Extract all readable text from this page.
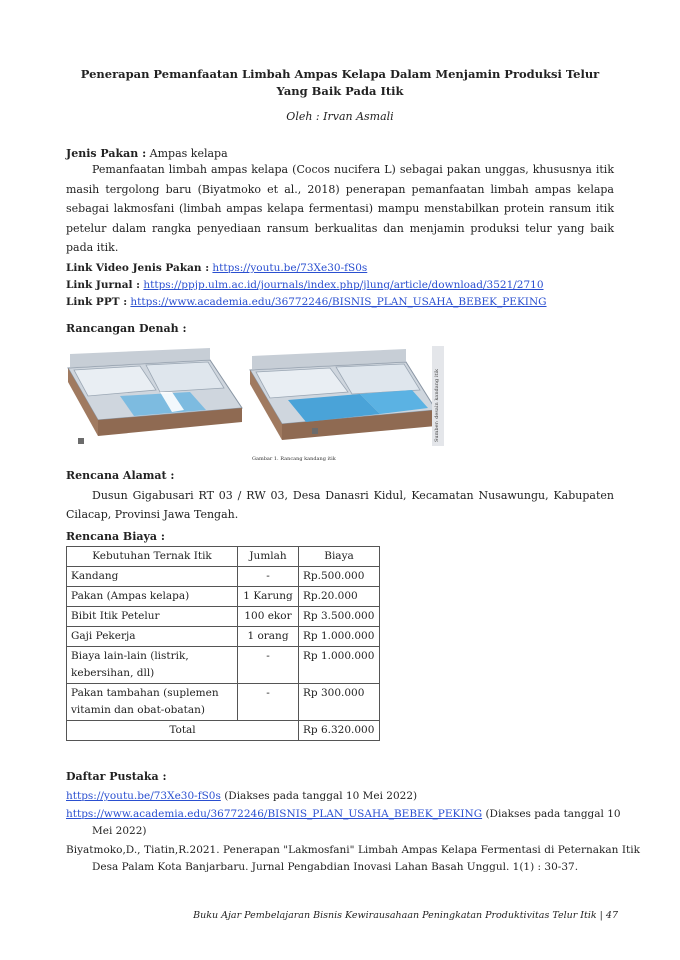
Penerapan Pemanfaatan Limbah Ampas Kelapa Dalam Menjamin Produksi Telur Yang Baik Pada Itik
Oleh : Irvan Asmali
Jenis Pakan : Ampas kelapa
Pemanfaatan limbah ampas kelapa (Cocos nucifera L) sebagai pakan unggas, khususnya itik masih tergolong baru (Biyatmoko et al., 2018) penerapan pemanfaatan limbah ampas kelapa sebagai lakmosfani (limbah ampas kelapa fermentasi) mampu menstabilkan protein ransum itik petelur dalam rangka penyediaan ransum berkualitas dan menjamin produksi telur yang baik pada itik.
Link Video Jenis Pakan : https://youtu.be/73Xe30-fS0s
Link Jurnal : https://ppjp.ulm.ac.id/journals/index.php/jlung/article/download/3521/2710
Link PPT : https://www.academia.edu/36772246/BISNIS_PLAN_USAHA_BEBEK_PEKING
Rancangan Denah :
Gambar 1. Rancang kandang itik
Sumber: desain kandang itik
Rencana Alamat :
Dusun Gigabusari RT 03 / RW 03, Desa Danasri Kidul, Kecamatan Nusawungu, Kabupaten Cilacap, Provinsi Jawa Tengah.
Rencana Biaya :
Kebutuhan Ternak Itik	Jumlah	Biaya
Kandang	-	Rp.500.000
Pakan (Ampas kelapa)	1 Karung	Rp.20.000
Bibit Itik Petelur	100 ekor	Rp 3.500.000
Gaji Pekerja	1 orang	Rp 1.000.000
Biaya lain-lain (listrik, kebersihan, dll)	-	Rp 1.000.000
Pakan tambahan (suplemen vitamin dan obat-obatan)	-	Rp 300.000
Total		Rp 6.320.000
Daftar Pustaka :
https://youtu.be/73Xe30-fS0s (Diakses pada tanggal 10 Mei 2022)
https://www.academia.edu/36772246/BISNIS_PLAN_USAHA_BEBEK_PEKING (Diakses pada tanggal 10 Mei 2022)
Biyatmoko,D., Tiatin,R.2021. Penerapan "Lakmosfani" Limbah Ampas Kelapa Fermentasi di Peternakan Itik Desa Palam Kota Banjarbaru. Jurnal Pengabdian Inovasi Lahan Basah Unggul. 1(1) : 30-37.
Buku Ajar Pembelajaran Bisnis Kewirausahaan Peningkatan Produktivitas Telur Itik | 47
